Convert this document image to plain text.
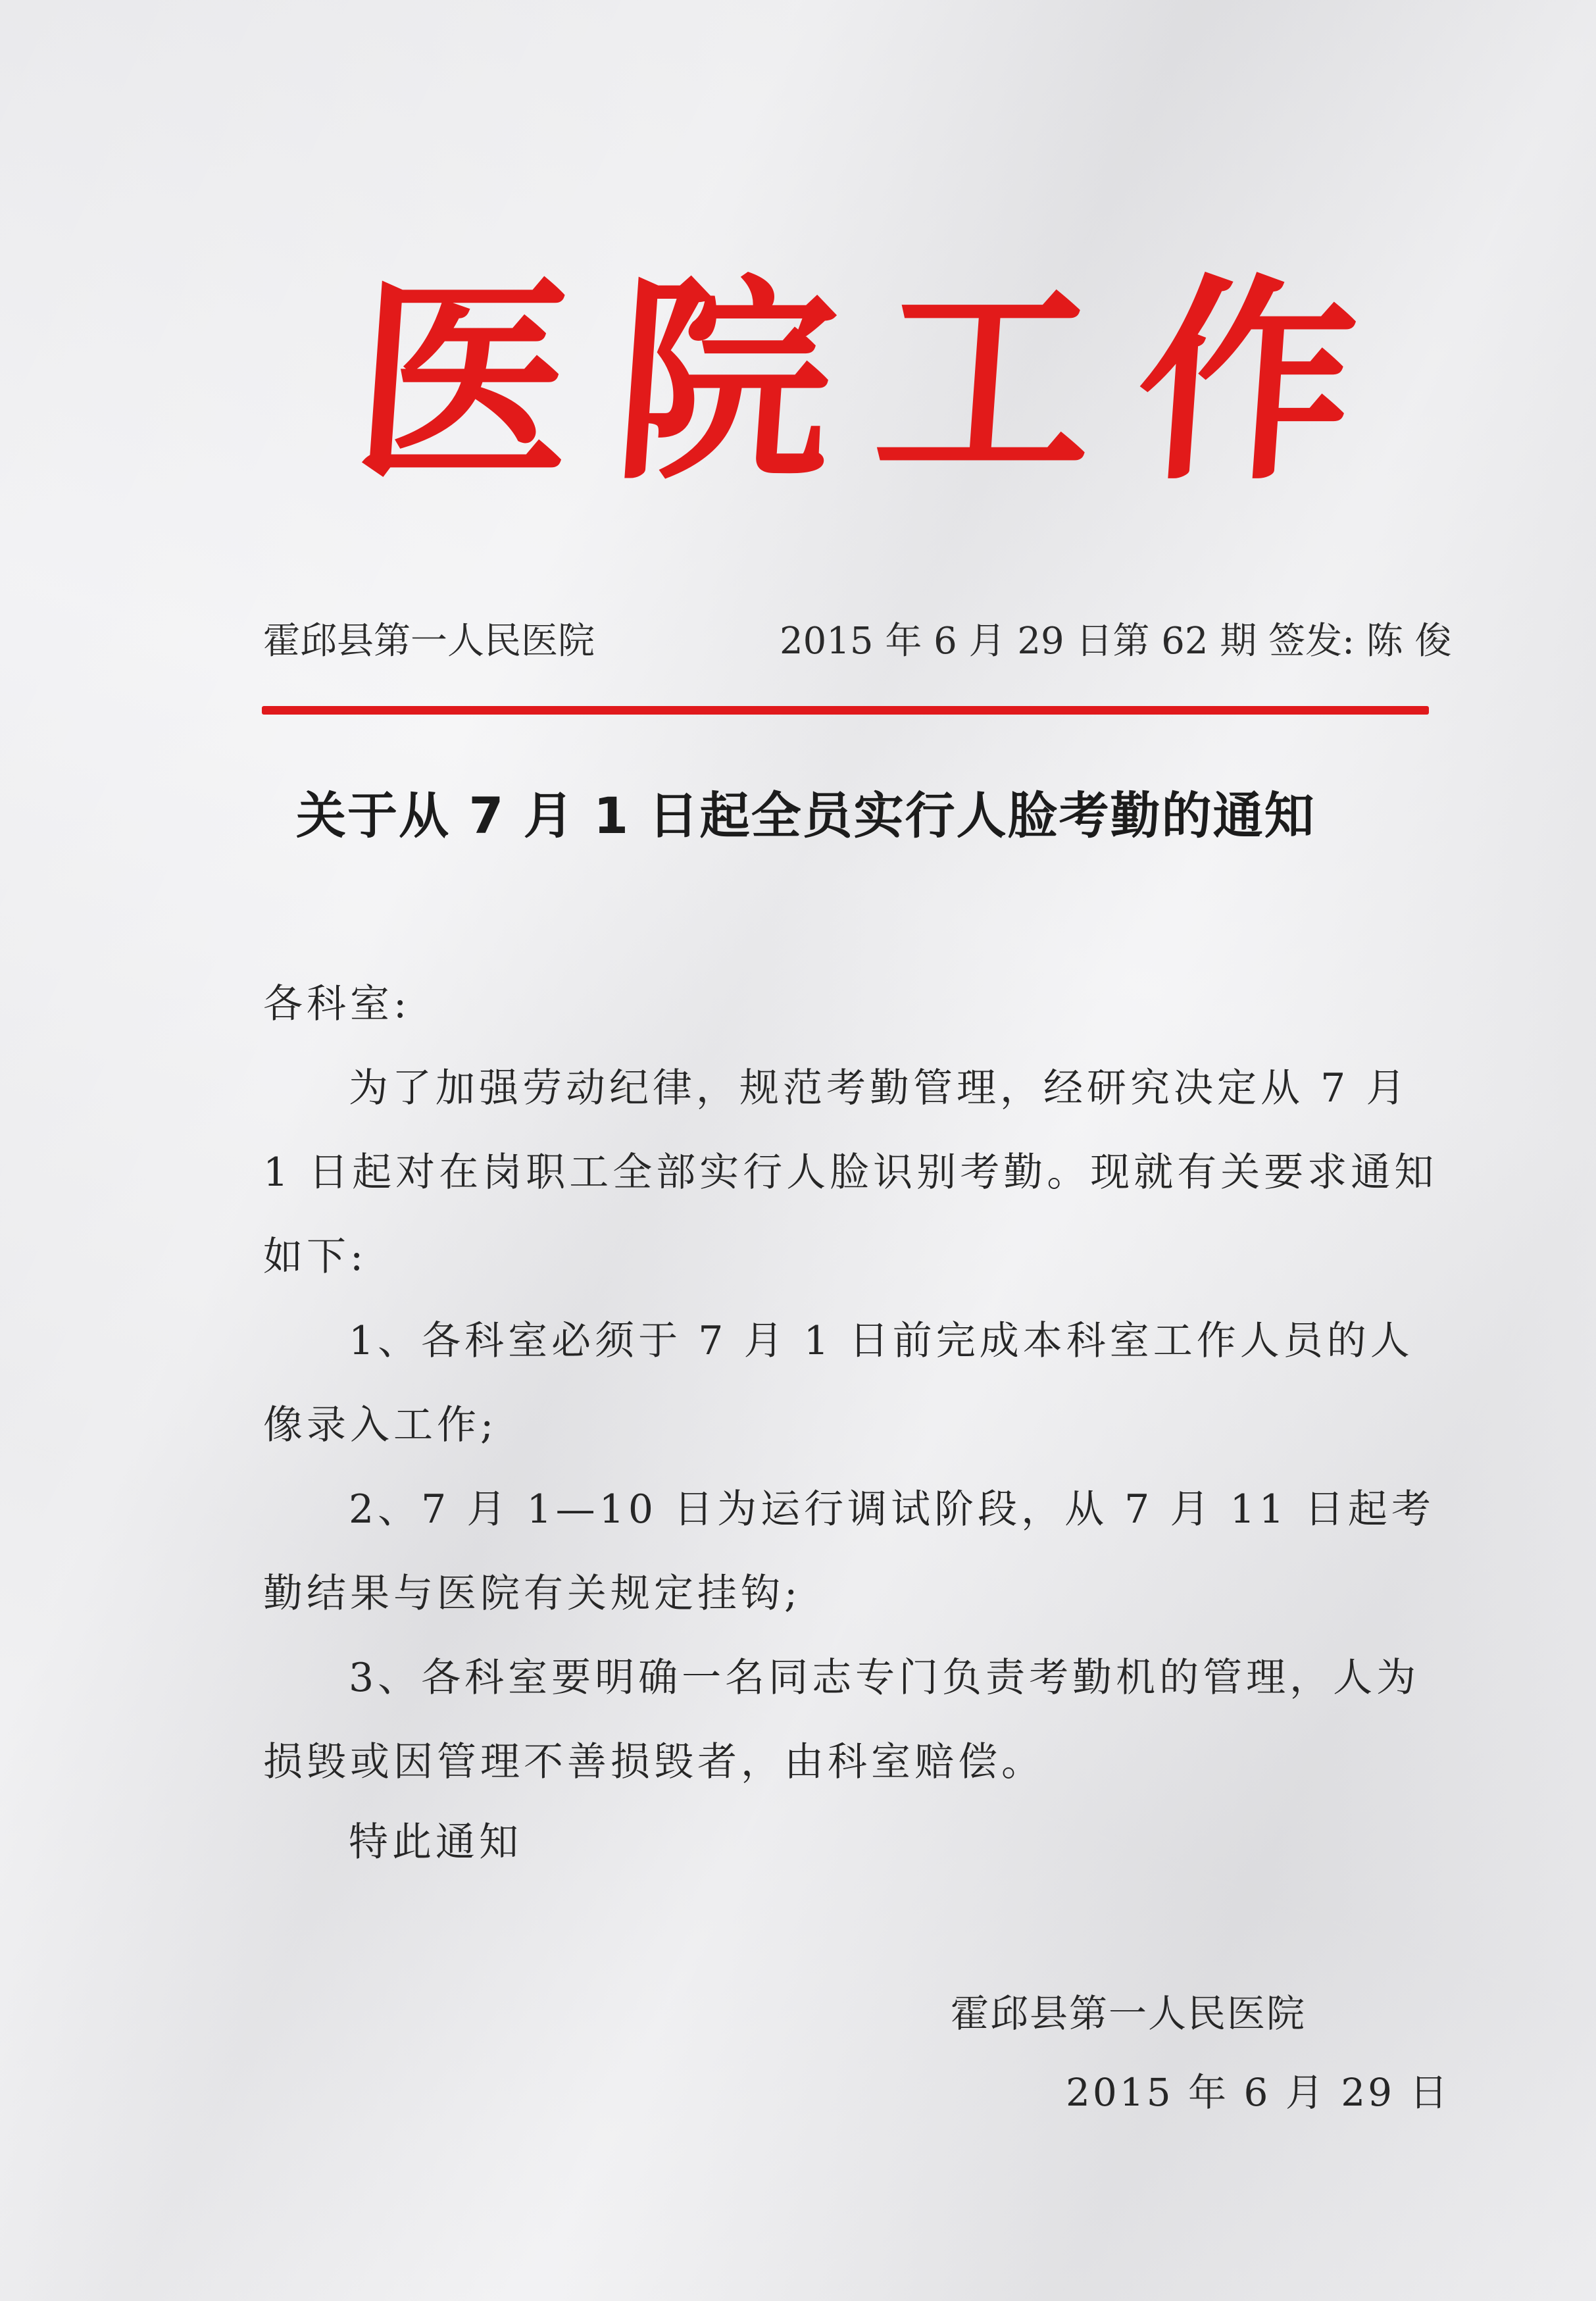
医 院 工 作
霍邱县第一人民医院	2015 年 6 月 29 日第 62 期 签发: 陈 俊
关于从 7 月 1 日起全员实行人脸考勤的通知

各科室:

为了加强劳动纪律，规范考勤管理，经研究决定从 7 月 1 日起对在岗职工全部实行人脸识别考勤。现就有关要求通知如下:

1、各科室必须于 7 月 1 日前完成本科室工作人员的人像录入工作;

2、7 月 1—10 日为运行调试阶段，从 7 月 11 日起考勤结果与医院有关规定挂钩;

3、各科室要明确一名同志专门负责考勤机的管理，人为损毁或因管理不善损毁者，由科室赔偿。

特此通知
霍邱县第一人民医院
2015 年 6 月 29 日
